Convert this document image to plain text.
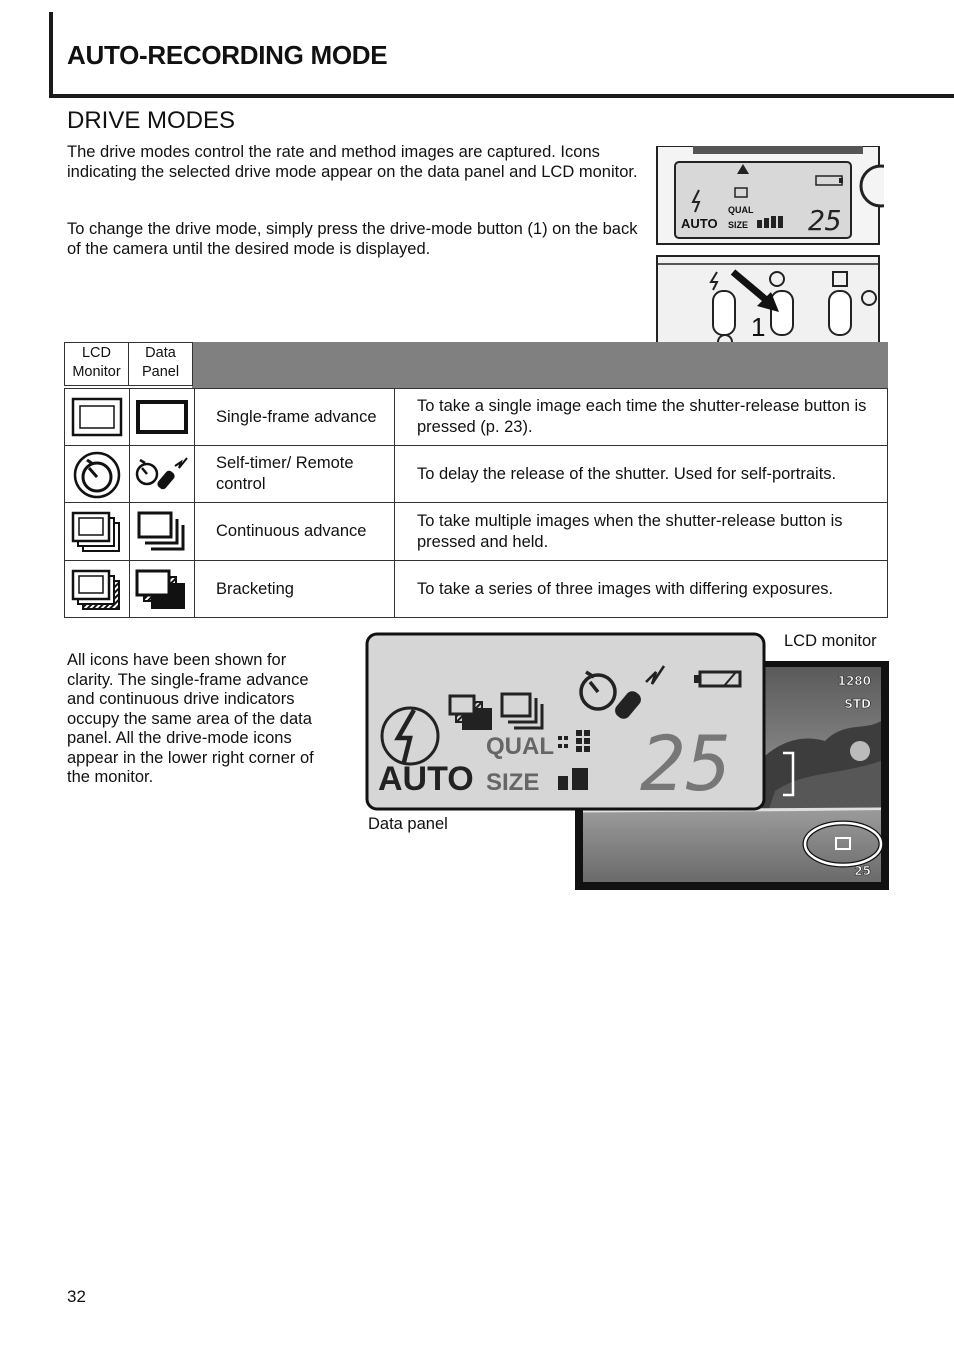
AUTO-RECORDING MODE
DRIVE MODES
The drive modes control the rate and method images are captured. Icons indicating the selected drive mode appear on the data panel and LCD monitor.
To change the drive mode, simply press the drive-mode button (1) on the back of the camera until the desired mode is displayed.
AUTO
QUAL
SIZE 25
1
LCD
Monitor
Data
Panel
Single-frame advance
To take a single image each time the shutter-release button is pressed (p. 23).
Self-timer/ Remote control
To delay the release of the shutter. Used for self-portraits.
Continuous advance
To take multiple images when the shutter-release button is pressed and held.
Bracketing	To take a series of three images with differing exposures.
All icons have been shown for clarity. The single-frame advance and continuous drive indicators occupy the same area of the data panel. All the drive-mode icons appear in the lower right corner of the monitor.
LCD monitor
Data panel
1280
STD
25
AUTO
QUAL
SIZE 25
32
